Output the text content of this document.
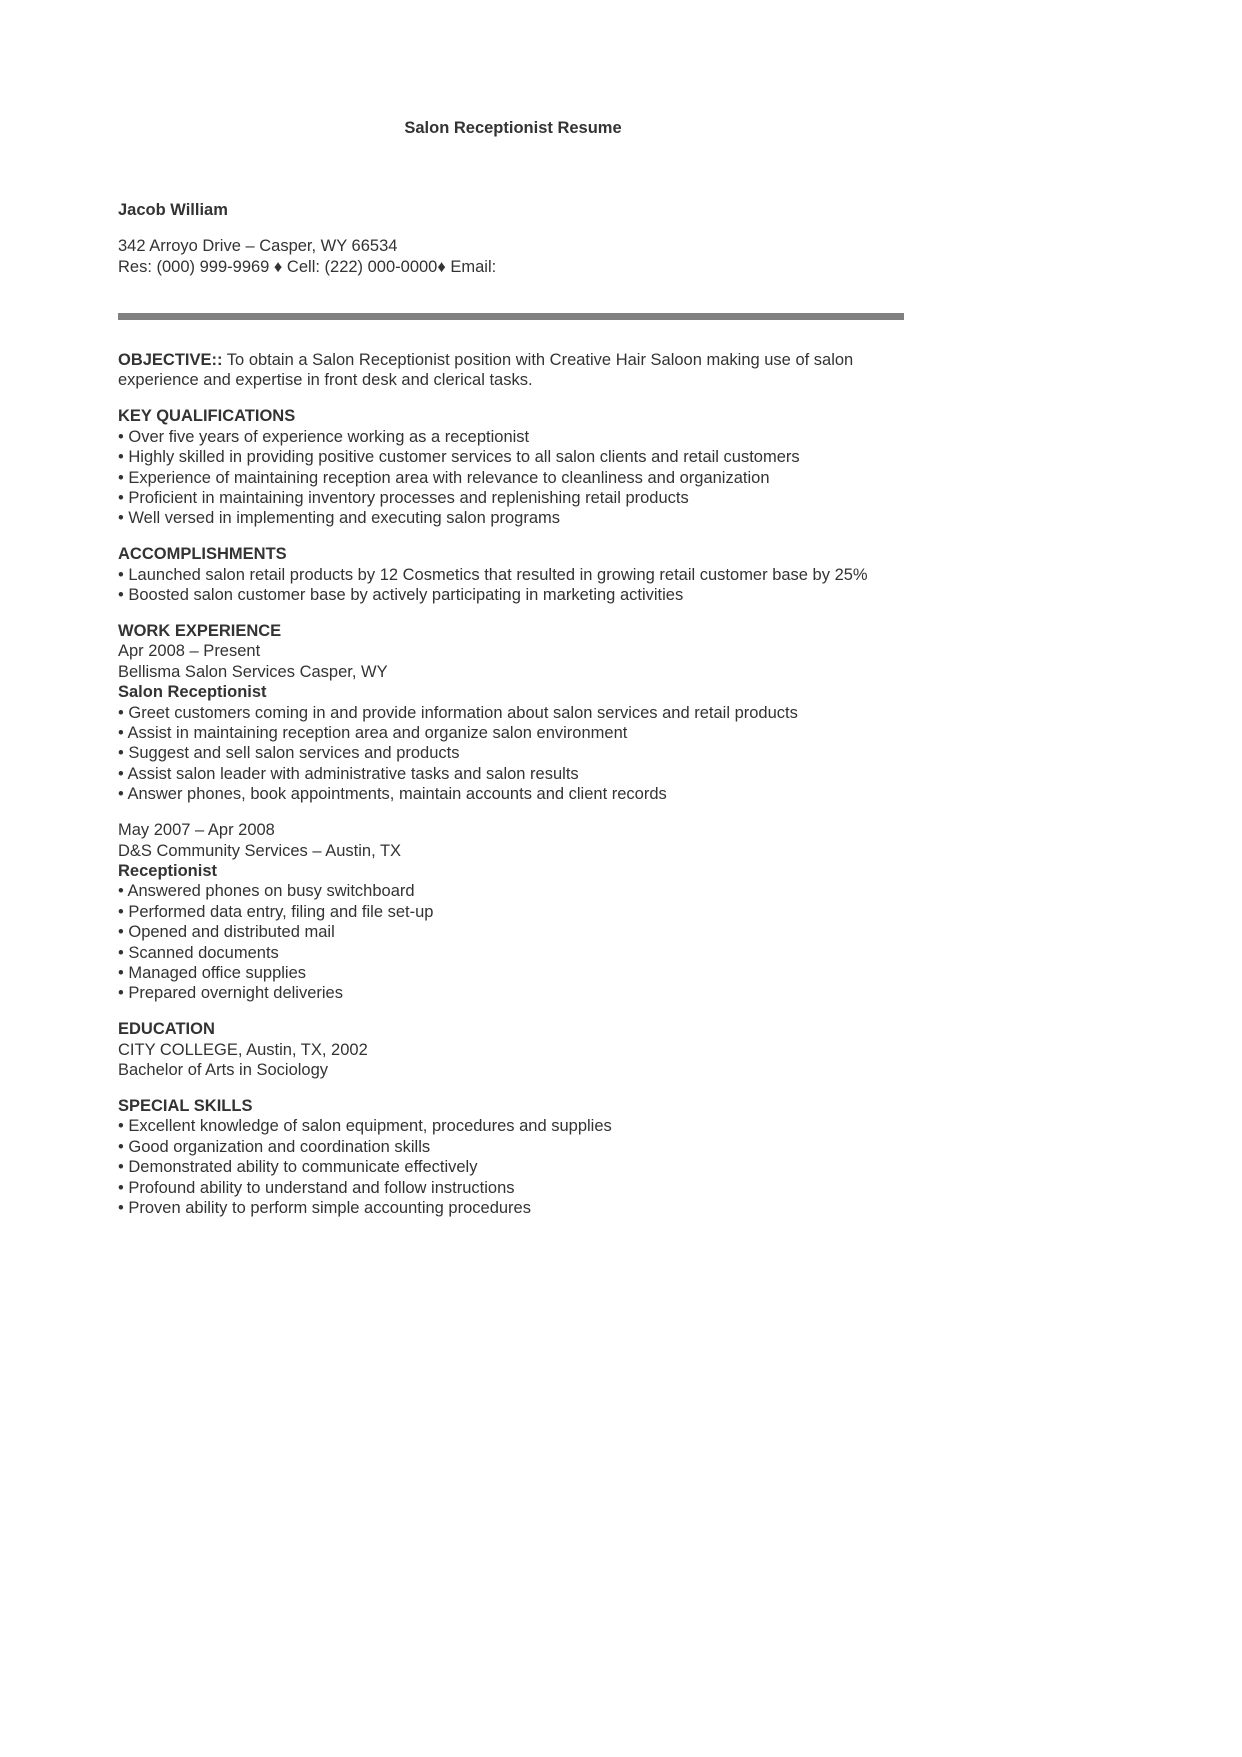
Salon Receptionist Resume
Jacob William
342 Arroyo Drive – Casper, WY 66534
Res: (000) 999-9969 ♦ Cell: (222) 000-0000♦ Email:
OBJECTIVE:: To obtain a Salon Receptionist position with Creative Hair Saloon making use of salon
experience and expertise in front desk and clerical tasks.
KEY QUALIFICATIONS
• Over five years of experience working as a receptionist
• Highly skilled in providing positive customer services to all salon clients and retail customers
• Experience of maintaining reception area with relevance to cleanliness and organization
• Proficient in maintaining inventory processes and replenishing retail products
• Well versed in implementing and executing salon programs
ACCOMPLISHMENTS
• Launched salon retail products by 12 Cosmetics that resulted in growing retail customer base by 25%
• Boosted salon customer base by actively participating in marketing activities
WORK EXPERIENCE
Apr 2008 – Present
Bellisma Salon Services Casper, WY
Salon Receptionist
• Greet customers coming in and provide information about salon services and retail products
• Assist in maintaining reception area and organize salon environment
• Suggest and sell salon services and products
• Assist salon leader with administrative tasks and salon results
• Answer phones, book appointments, maintain accounts and client records
May 2007 – Apr 2008
D&S Community Services – Austin, TX
Receptionist
• Answered phones on busy switchboard
• Performed data entry, filing and file set-up
• Opened and distributed mail
• Scanned documents
• Managed office supplies
• Prepared overnight deliveries
EDUCATION
CITY COLLEGE, Austin, TX, 2002
Bachelor of Arts in Sociology
SPECIAL SKILLS
• Excellent knowledge of salon equipment, procedures and supplies
• Good organization and coordination skills
• Demonstrated ability to communicate effectively
• Profound ability to understand and follow instructions
• Proven ability to perform simple accounting procedures
